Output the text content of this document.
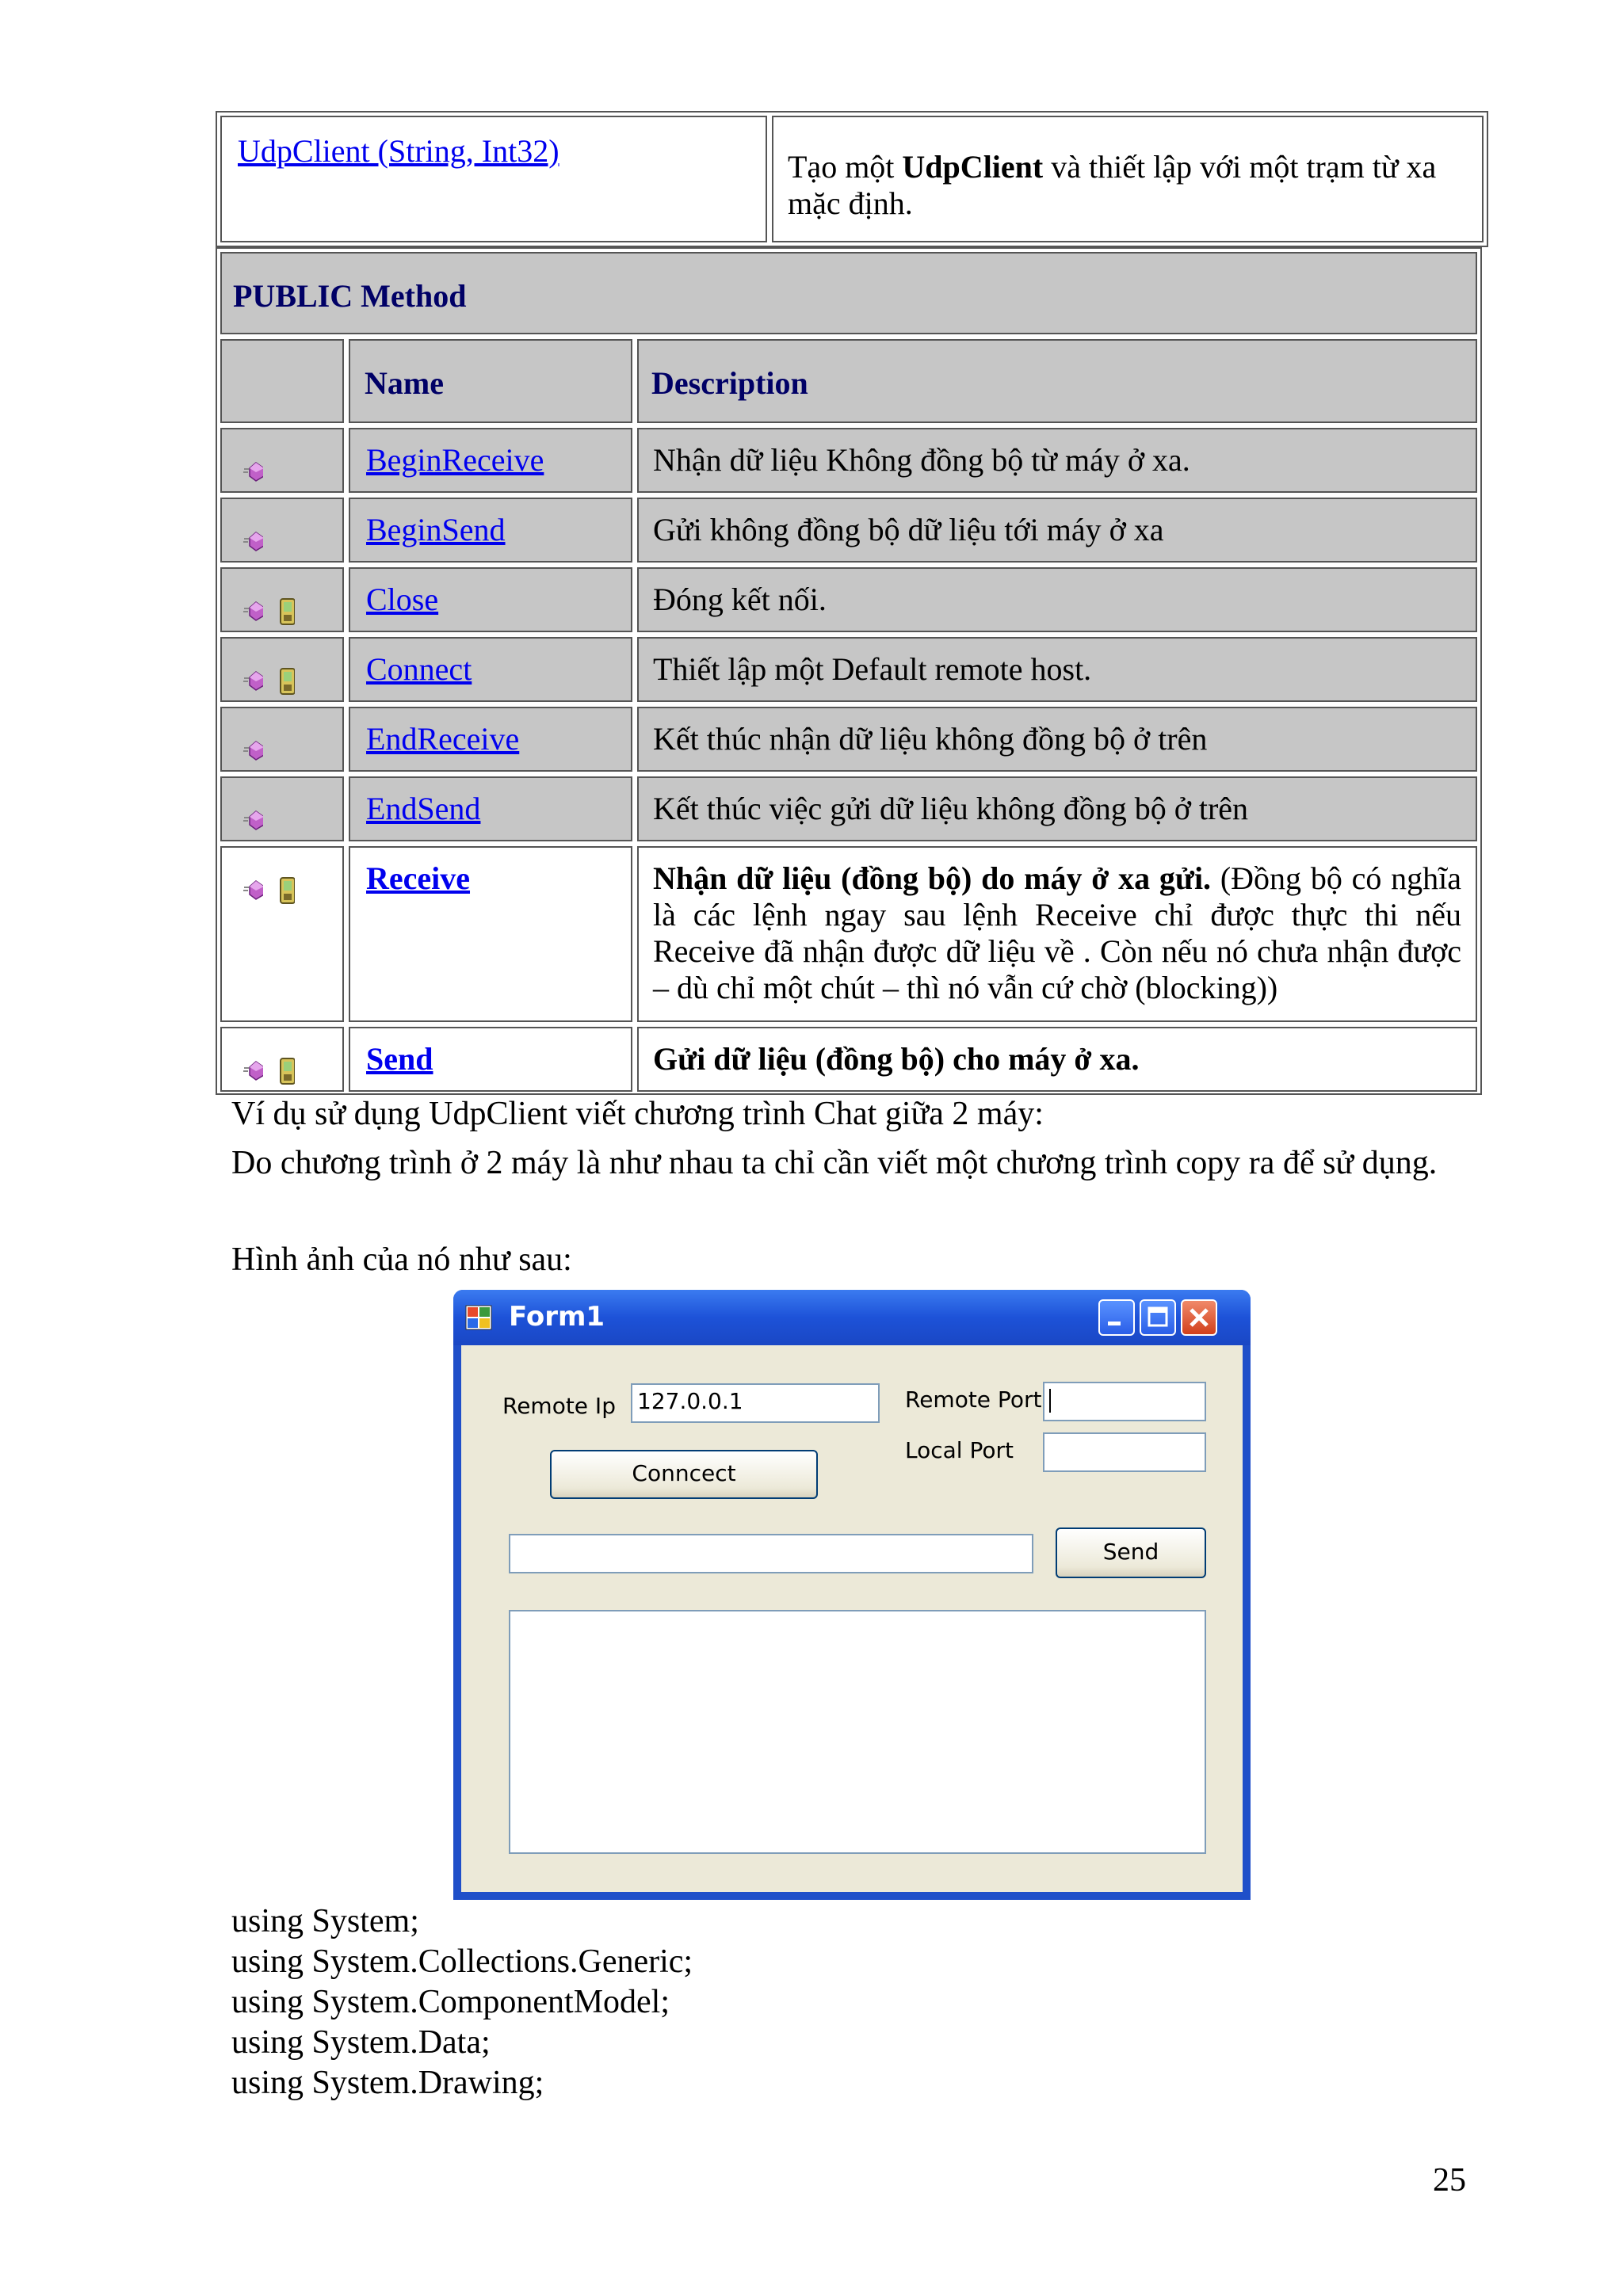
UdpClient (String, Int32)	Tạo một UdpClient và thiết lập với một trạm từ xa mặc định.
PUBLIC Method
Name	Description
BeginReceive	Nhận dữ liệu Không đồng bộ từ máy ở xa.
BeginSend	Gửi không đồng bộ dữ liệu tới máy ở xa
Close	Đóng kết nối.
Connect	Thiết lập một Default remote host.
EndReceive	Kết thúc nhận dữ liệu không đồng bộ ở trên
EndSend	Kết thúc việc gửi dữ liệu không đồng bộ ở trên
Receive	Nhận dữ liệu (đồng bộ) do máy ở xa gửi. (Đồng bộ có nghĩa là các lệnh ngay sau lệnh Receive chỉ được thực thi nếu Receive đã nhận được dữ liệu về . Còn nếu nó chưa nhận được – dù chỉ một chút – thì nó vẫn cứ chờ (blocking))
Send	Gửi dữ liệu (đồng bộ) cho máy ở xa.
Ví dụ sử dụng UdpClient viết chương trình Chat giữa 2 máy:
Do chương trình ở 2 máy là như nhau ta chỉ cần viết một chương trình copy ra để sử dụng.
Hình ảnh của nó như sau:
Form1
Remote Ip 127.0.0.1	Remote Port
Local Port
Conncect
Send
using System;
using System.Collections.Generic;
using System.ComponentModel;
using System.Data;
using System.Drawing;
25
